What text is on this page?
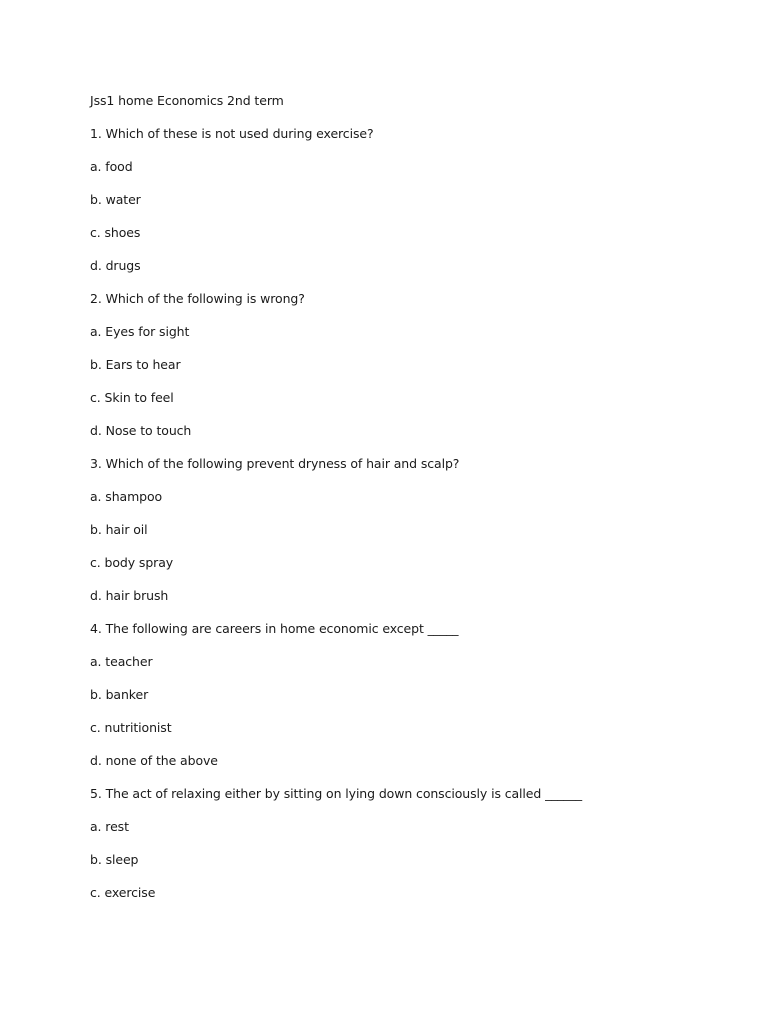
Jss1 home Economics 2nd term
1. Which of these is not used during exercise?
a. food
b. water
c. shoes
d. drugs
2. Which of the following is wrong?
a. Eyes for sight
b. Ears to hear
c. Skin to feel
d. Nose to touch
3. Which of the following prevent dryness of hair and scalp?
a. shampoo
b. hair oil
c. body spray
d. hair brush
4. The following are careers in home economic except _____
a. teacher
b. banker
c. nutritionist
d. none of the above
5. The act of relaxing either by sitting on lying down consciously is called ______
a. rest
b. sleep
c. exercise
